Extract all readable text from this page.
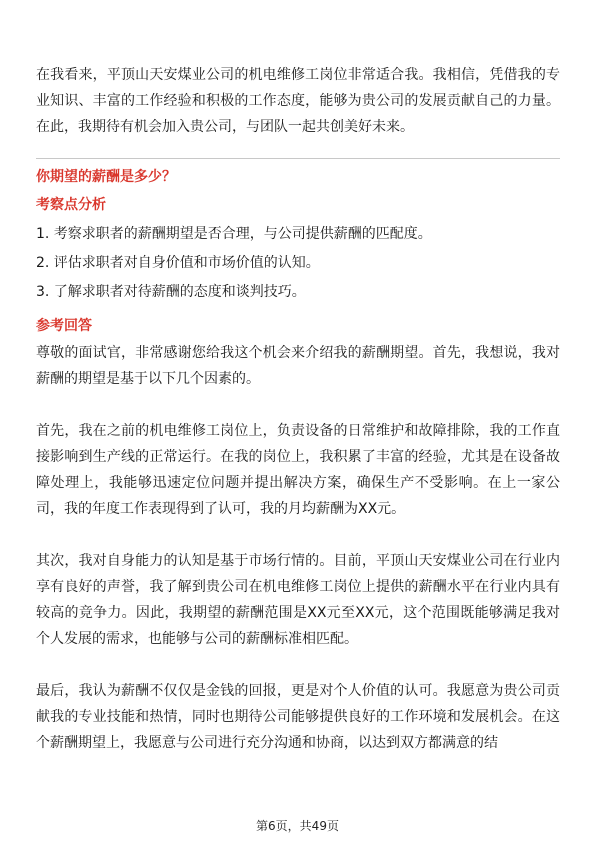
在我看来，平顶山天安煤业公司的机电维修工岗位非常适合我。我相信，凭借我的专业知识、丰富的工作经验和积极的工作态度，能够为贵公司的发展贡献自己的力量。在此，我期待有机会加入贵公司，与团队一起共创美好未来。

你期望的薪酬是多少？

考察点分析

1. 考察求职者的薪酬期望是否合理，与公司提供薪酬的匹配度。
2. 评估求职者对自身价值和市场价值的认知。
3. 了解求职者对待薪酬的态度和谈判技巧。

参考回答

尊敬的面试官，非常感谢您给我这个机会来介绍我的薪酬期望。首先，我想说，我对薪酬的期望是基于以下几个因素的。

首先，我在之前的机电维修工岗位上，负责设备的日常维护和故障排除，我的工作直接影响到生产线的正常运行。在我的岗位上，我积累了丰富的经验，尤其是在设备故障处理上，我能够迅速定位问题并提出解决方案，确保生产不受影响。在上一家公司，我的年度工作表现得到了认可，我的月均薪酬为XX元。

其次，我对自身能力的认知是基于市场行情的。目前，平顶山天安煤业公司在行业内享有良好的声誉，我了解到贵公司在机电维修工岗位上提供的薪酬水平在行业内具有较高的竞争力。因此，我期望的薪酬范围是XX元至XX元，这个范围既能够满足我对个人发展的需求，也能够与公司的薪酬标准相匹配。

最后，我认为薪酬不仅仅是金钱的回报，更是对个人价值的认可。我愿意为贵公司贡献我的专业技能和热情，同时也期待公司能够提供良好的工作环境和发展机会。在这个薪酬期望上，我愿意与公司进行充分沟通和协商，以达到双方都满意的结

第6页，共49页
